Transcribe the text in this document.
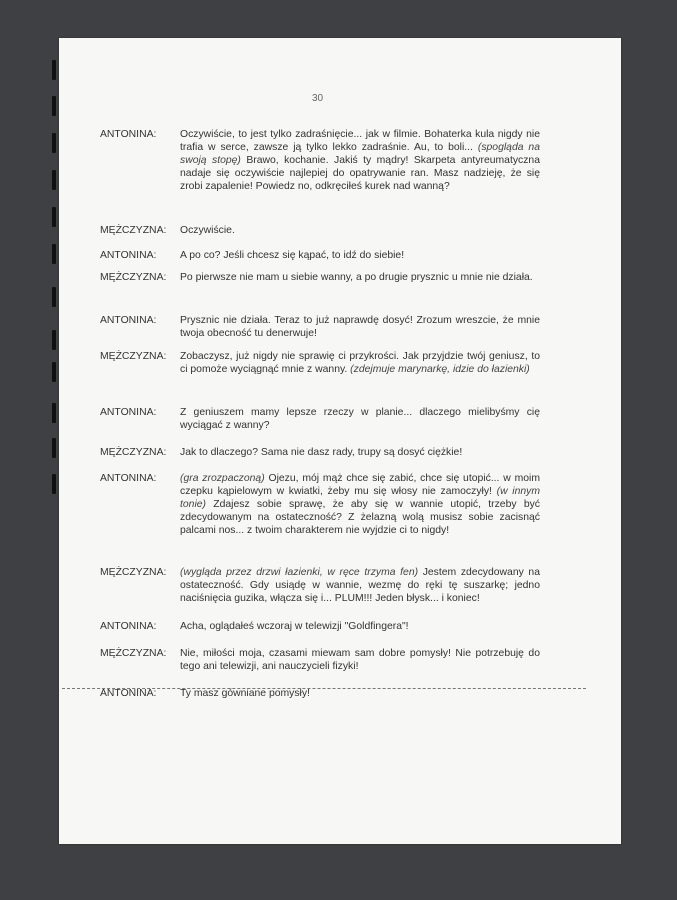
30
ANTONINA: Oczywiście, to jest tylko zadraśnięcie... jak w filmie. Bohaterka kula nigdy nie trafia w serce, zawsze ją tylko lekko zadraśnie. Au, to boli... (spogląda na swoją stopę) Brawo, kochanie. Jakiś ty mądry! Skarpeta antyreumatyczna nadaje się oczywiście najlepiej do opatrywanie ran. Masz nadzieję, że się zrobi zapalenie! Powiedz no, odkręciłeś kurek nad wanną?
MĘŻCZYZNA: Oczywiście.
ANTONINA: A po co? Jeśli chcesz się kąpać, to idź do siebie!
MĘŻCZYZNA: Po pierwsze nie mam u siebie wanny, a po drugie prysznic u mnie nie działa.
ANTONINA: Prysznic nie działa. Teraz to już naprawdę dosyć! Zrozum wreszcie, że mnie twoja obecność tu denerwuje!
MĘŻCZYZNA: Zobaczysz, już nigdy nie sprawię ci przykrości. Jak przyjdzie twój geniusz, to ci pomoże wyciągnąć mnie z wanny. (zdejmuje marynarkę, idzie do łazienki)
ANTONINA: Z geniuszem mamy lepsze rzeczy w planie... dlaczego mielibyśmy cię wyciągać z wanny?
MĘŻCZYZNA: Jak to dlaczego? Sama nie dasz rady, trupy są dosyć ciężkie!
ANTONINA: (gra zrozpaczoną) Ojezu, mój mąż chce się zabić, chce się utopić... w moim czepku kąpielowym w kwiatki, żeby mu się włosy nie zamoczyły! (w innym tonie) Zdajesz sobie sprawę, że aby się w wannie utopić, trzeby być zdecydowanym na ostateczność? Z żelazną wolą musisz sobie zacisnąć palcami nos... z twoim charakterem nie wyjdzie ci to nigdy!
MĘŻCZYZNA: (wygląda przez drzwi łazienki, w ręce trzyma fen) Jestem zdecydowany na ostateczność. Gdy usiądę w wannie, wezmę do ręki tę suszarkę; jedno naciśnięcia guzika, włącza się i... PLUM!!! Jeden błysk... i koniec!
ANTONINA: Acha, oglądałeś wczoraj w telewizji "Goldfingera"!
MĘŻCZYZNA: Nie, miłości moja, czasami miewam sam dobre pomysły! Nie potrzebuję do tego ani telewizji, ani nauczycieli fizyki!
ANTONINA: Ty masz gówniane pomysły!
